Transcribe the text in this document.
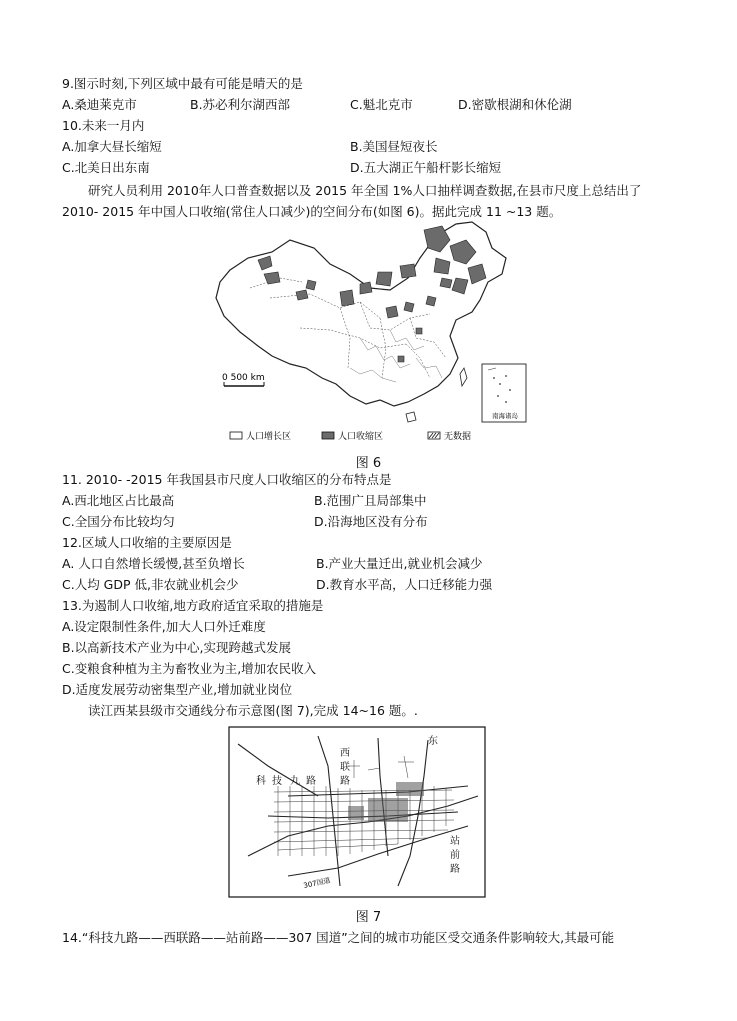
9.图示时刻,下列区域中最有可能是晴天的是
A.桑迪莱克市	B.苏必利尔湖西部	C.魁北克市	D.密歇根湖和休伦湖
10.未来一月内
A.加拿大昼长缩短	B.美国昼短夜长
C.北美日出东南	D.五大湖正午船杆影长缩短
研究人员利用 2010年人口普查数据以及 2015 年全国 1%人口抽样调查数据,在县市尺度上总结出了 2010- 2015 年中国人口收缩(常住人口减少)的空间分布(如图 6)。据此完成 11 ~13 题。
0 500 km
南海诸岛
人口增长区	人口收缩区	无数据
图 6
11. 2010- -2015 年我国县市尺度人口收缩区的分布特点是
A.西北地区占比最高	B.范围广且局部集中
C.全国分布比较均匀	D.沿海地区没有分布
12.区域人口收缩的主要原因是
A. 人口自然增长缓慢,甚至负增长	B.产业大量迁出,就业机会减少
C.人均 GDP 低,非农就业机会少	D.教育水平高，人口迁移能力强
13.为遏制人口收缩,地方政府适宜采取的措施是
A.设定限制性条件,加大人口外迁难度
B.以高新技术产业为中心,实现跨越式发展
C.变粮食种植为主为畜牧业为主,增加农民收入
D.适度发展劳动密集型产业,增加就业岗位
读江西某县级市交通线分布示意图(图 7),完成 14~16 题。.
科 技 九 路
西
联
路
站
前
路
东
307国道
图 7
14.“科技九路——西联路——站前路——307 国道”之间的城市功能区受交通条件影响较大,其最可能
